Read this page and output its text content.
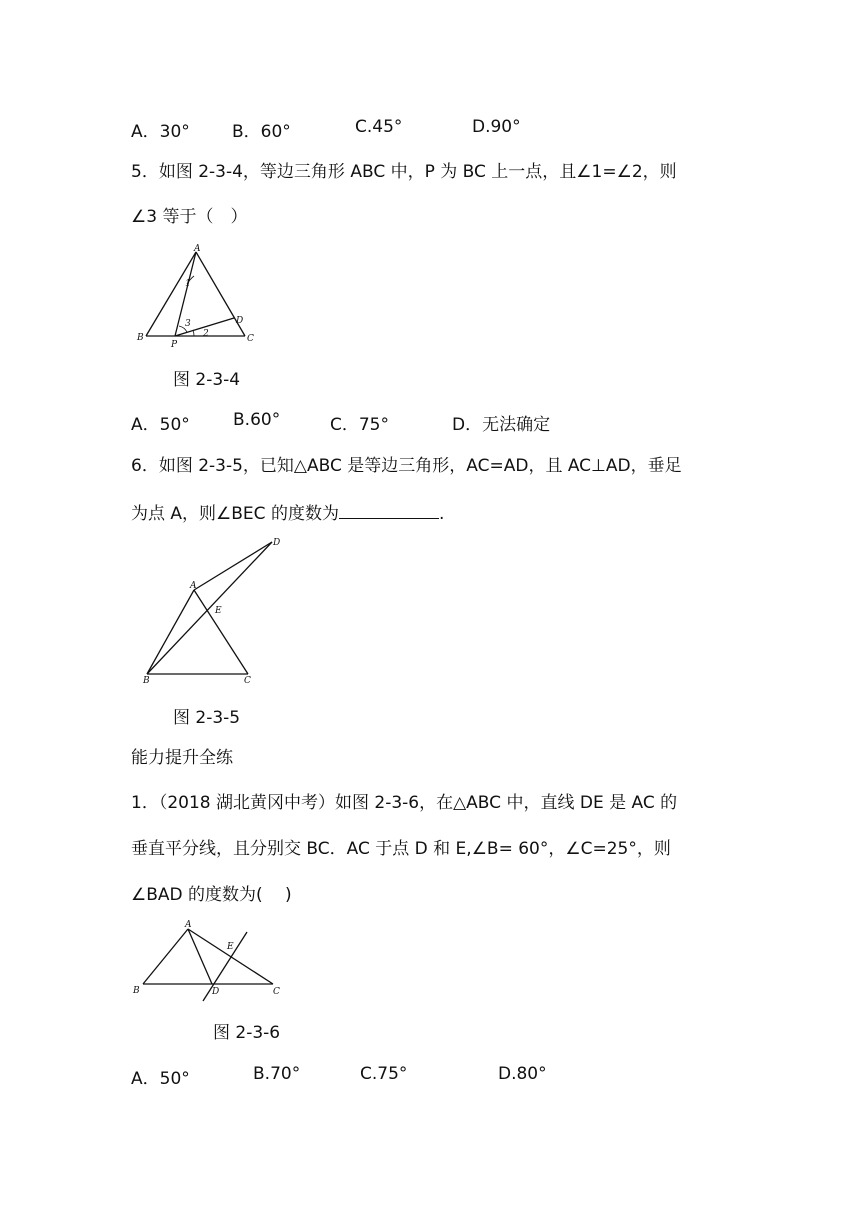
A．30° B．60°	C.45°	D.90°
5．如图 2-3-4，等边三角形 ABC 中，P 为 BC 上一点，且∠1=∠2，则
∠3 等于（　）
A
B	C
D
P
1
2
3
图 2-3-4
A．50°	B.60°	C．75°	D．无法确定
6．如图 2-3-5，已知△ABC 是等边三角形，AC=AD，且 AC⊥AD，垂足
为点 A，则∠BEC 的度数为	.
A
B	C
D
E
图 2-3-5
能力提升全练
1．（2018 湖北黄冈中考）如图 2-3-6，在△ABC 中，直线 DE 是 AC 的
垂直平分线，且分别交 BC．AC 于点 D 和 E,∠B= 60°，∠C=25°，则
∠BAD 的度数为(　 )
A
B	C
D
E
图 2-3-6
A．50°	B.70°	C.75°	D.80°
